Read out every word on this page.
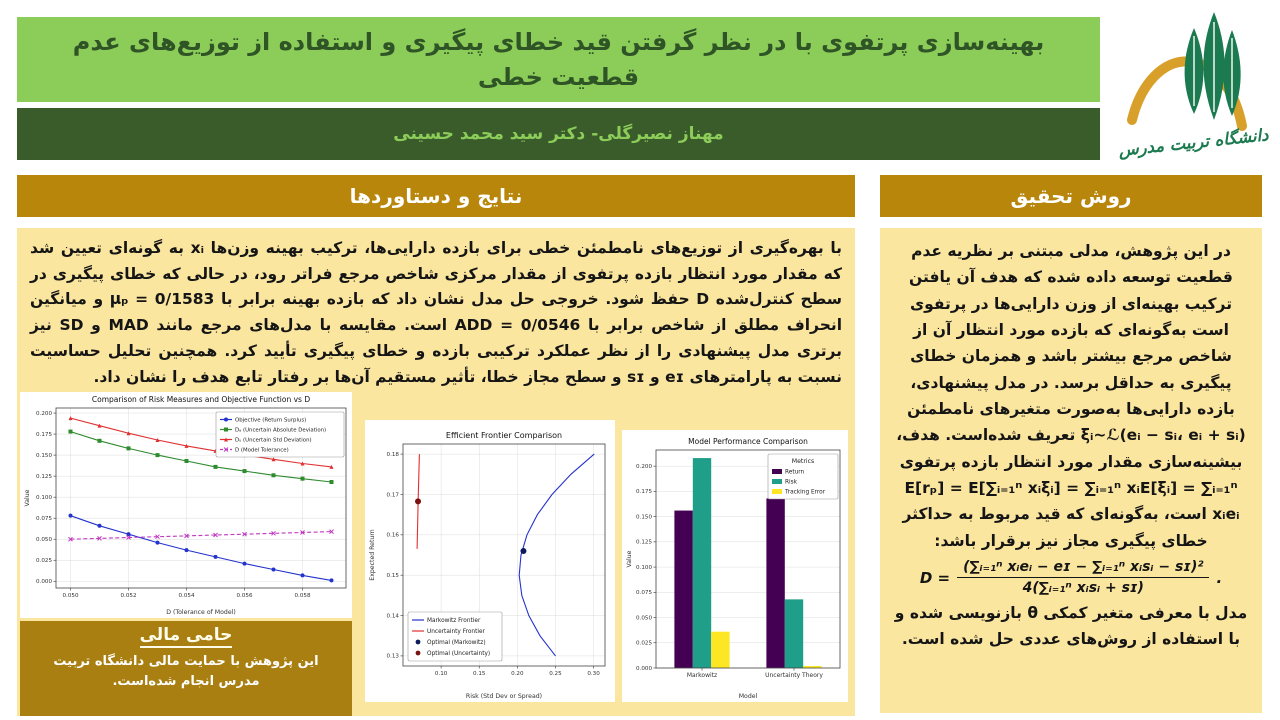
بهینه‌سازی پرتفوی با در نظر گرفتن قید خطای پیگیری و استفاده از توزیع‌های عدم قطعیت خطی
مهناز نصیرگلی- دکتر سید محمد حسینی	دانشگاه تربیت مدرس
نتایج و دستاوردها	روش تحقیق

با بهره‌گیری از توزیع‌های نامطمئن خطی برای بازده دارایی‌ها، ترکیب بهینه وزن‌ها xᵢ به گونه‌ای تعیین شد که مقدار مورد انتظار بازده پرتفوی از مقدار مرکزی شاخص مرجع فراتر رود، در حالی که خطای پیگیری در سطح کنترل‌شده D حفظ شود. خروجی حل مدل نشان داد که بازده بهینه برابر با μₚ = 0/1583 و میانگین انحراف مطلق از شاخص برابر با ADD = 0/0546 است. مقایسه با مدل‌های مرجع مانند MAD و SD نیز برتری مدل پیشنهادی را از نظر عملکرد ترکیبی بازده و خطای پیگیری تأیید کرد. همچنین تحلیل حساسیت نسبت به پارامترهای eɪ و sɪ و سطح مجاز خطا، تأثیر مستقیم آن‌ها بر رفتار تابع هدف را نشان داد.

0.000
0.025
0.050
0.075
0.100
0.125
0.150
0.175
0.200
0.050	0.052	0.054	0.056	0.058
Comparison of Risk Measures and Objective Function vs D
D (Tolerance of Model)
Value
Objective (Return Surplus)
Dₐ (Uncertain Absolute Deviation)
Dᵤ (Uncertain Std Deviation)
D (Model Tolerance)
0.13
0.14
0.15
0.16
0.17
0.18
0.10	0.15	0.20	0.25	0.30
Efficient Frontier Comparison
Risk (Std Dev or Spread)
Expected Return
Markowitz Frontier
Uncertainty Frontier
Optimal (Markowitz)
Optimal (Uncertainty)
0.000
0.025
0.050
0.075
0.100
0.125
0.150
0.175
0.200
Markowitz	Uncertainty Theory
Model Performance Comparison
Model
Value
Metrics
Return
Risk
Tracking Error
حامی مالی
این پژوهش با حمایت مالی دانشگاه تربیت مدرس انجام شده‌است.

در این پژوهش، مدلی مبتنی بر نظریه عدم قطعیت توسعه داده شده که هدف آن یافتن ترکیب بهینه‌ای از وزن دارایی‌ها در پرتفوی است به‌گونه‌ای که بازده مورد انتظار آن از شاخص مرجع بیشتر باشد و همزمان خطای پیگیری به حداقل برسد. در مدل پیشنهادی، بازده دارایی‌ها به‌صورت متغیرهای نامطمئن ξᵢ~ℒ(eᵢ − sᵢ، eᵢ + sᵢ) تعریف شده‌است. هدف، بیشینه‌سازی مقدار مورد انتظار بازده پرتفوی E[rₚ] = E[∑ᵢ₌₁ⁿ xᵢξᵢ] = ∑ᵢ₌₁ⁿ xᵢE[ξᵢ] = ∑ᵢ₌₁ⁿ xᵢeᵢ است، به‌گونه‌ای که قید مربوط به حداکثر خطای پیگیری مجاز نیز برقرار باشد:

$D = \frac{\text{(∑ᵢ₌₁ⁿ xᵢeᵢ − eɪ − ∑ᵢ₌₁ⁿ xᵢsᵢ − sɪ)²}}{\text{4(∑ᵢ₌₁ⁿ xᵢsᵢ + sɪ)}}$ .

مدل با معرفی متغیر کمکی θ بازنویسی شده و با استفاده از روش‌های عددی حل شده است.
